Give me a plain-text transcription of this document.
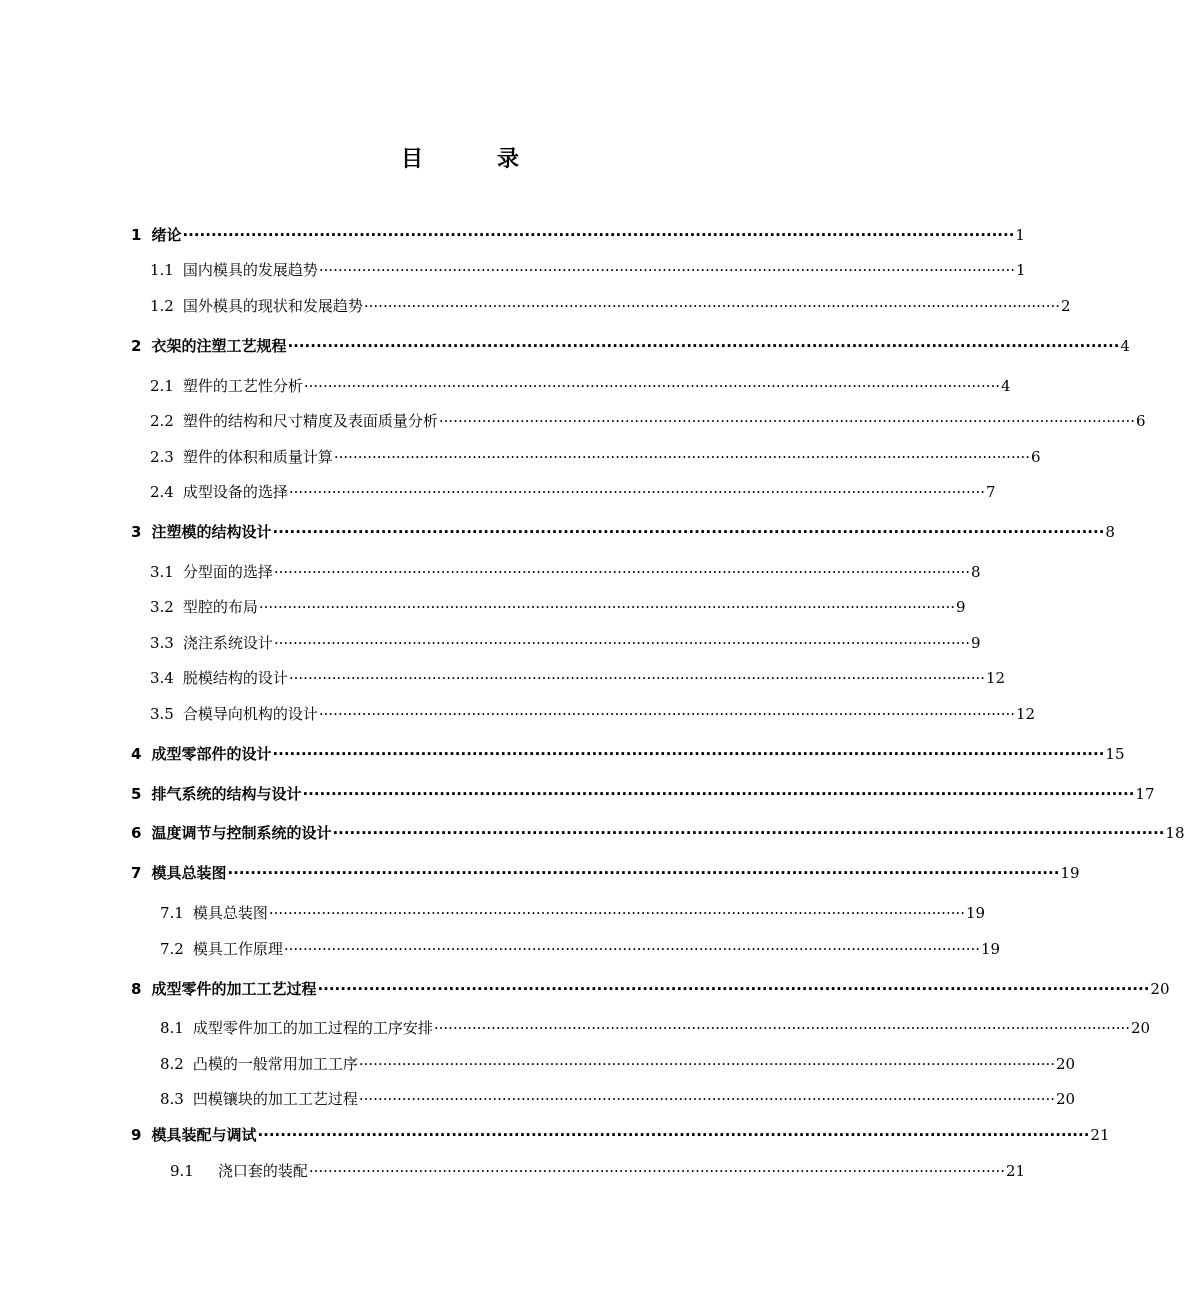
目　录
1 绪论 ·················································································································································· 1
1.1 国内模具的发展趋势 ·················································································································································· 1
1.2 国外模具的现状和发展趋势 ·················································································································································· 2
2 衣架的注塑工艺规程 ·················································································································································· 4
2.1 塑件的工艺性分析 ·················································································································································· 4
2.2 塑件的结构和尺寸精度及表面质量分析 ·················································································································································· 6
2.3 塑件的体积和质量计算 ·················································································································································· 6
2.4 成型设备的选择 ·················································································································································· 7
3 注塑模的结构设计 ·················································································································································· 8
3.1 分型面的选择 ·················································································································································· 8
3.2 型腔的布局 ·················································································································································· 9
3.3 浇注系统设计 ·················································································································································· 9
3.4 脱模结构的设计 ·················································································································································· 12
3.5 合模导向机构的设计 ·················································································································································· 12
4 成型零部件的设计 ·················································································································································· 15
5 排气系统的结构与设计 ·················································································································································· 17
6 温度调节与控制系统的设计 ·················································································································································· 18
7 模具总装图 ·················································································································································· 19
7.1 模具总装图 ·················································································································································· 19
7.2 模具工作原理 ·················································································································································· 19
8 成型零件的加工工艺过程 ·················································································································································· 20
8.1 成型零件加工的加工过程的工序安排 ·················································································································································· 20
8.2 凸模的一般常用加工工序 ·················································································································································· 20
8.3 凹模镶块的加工工艺过程 ·················································································································································· 20
9 模具装配与调试 ·················································································································································· 21
9.1 浇口套的装配 ·················································································································································· 21
